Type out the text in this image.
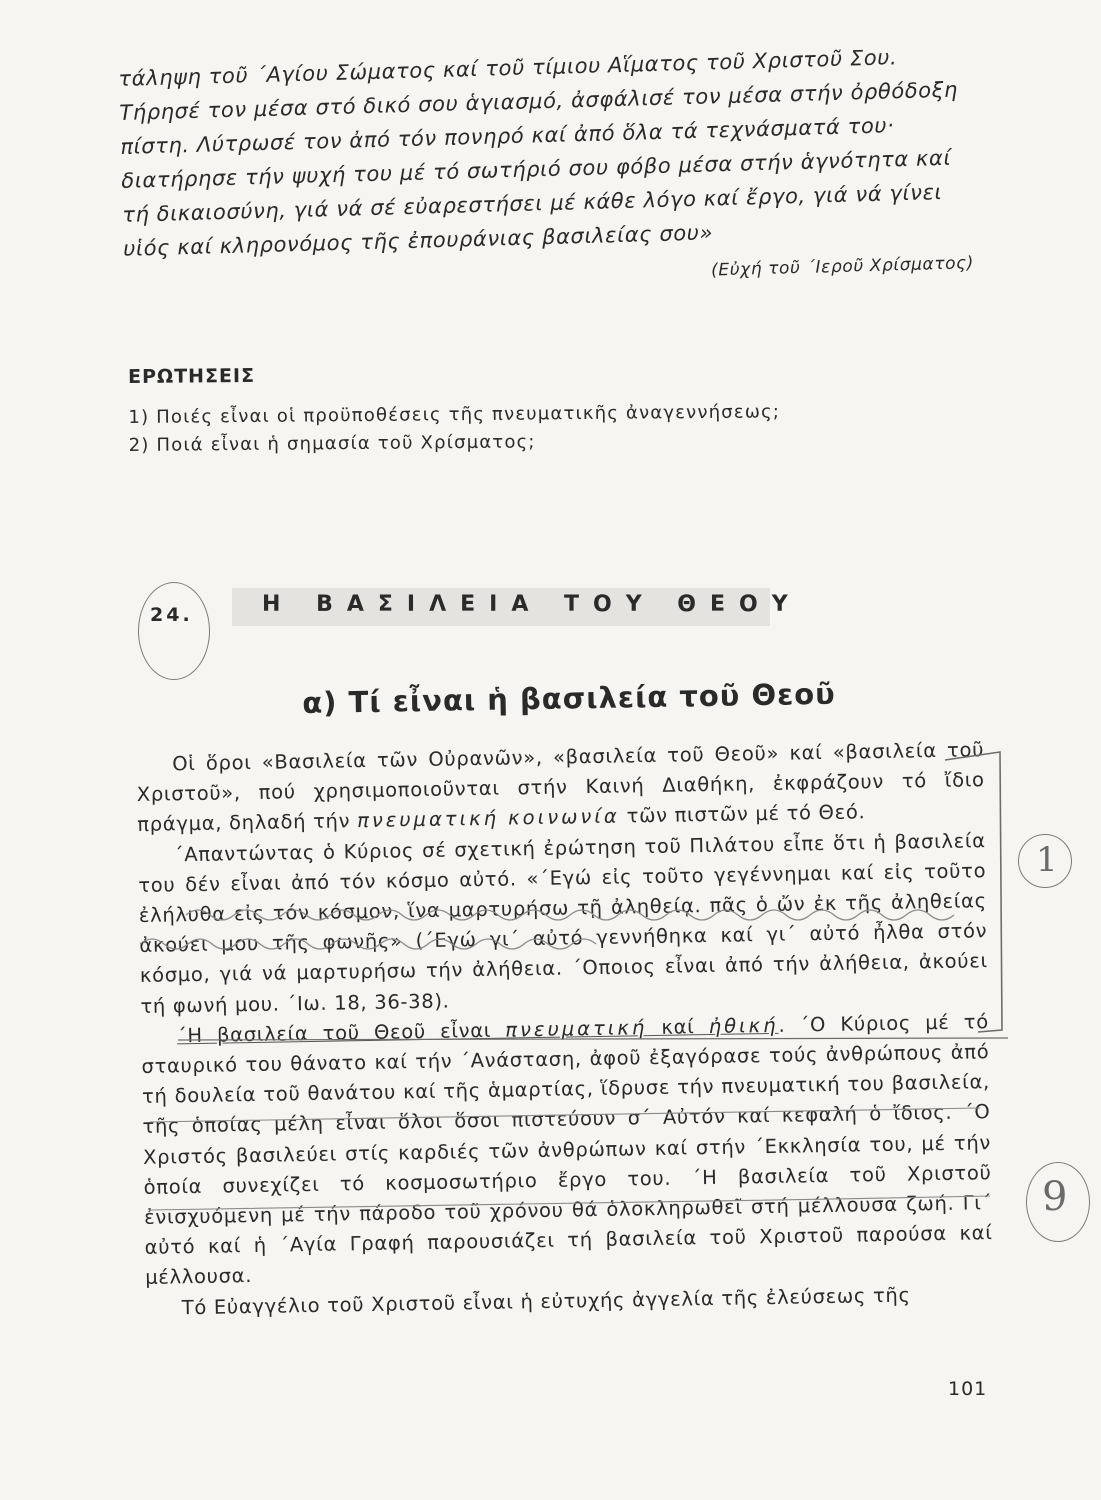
τάληψη τοῦ ´Αγίου Σώματος καί τοῦ τίμιου Αἵματος τοῦ Χριστοῦ Σου. Τήρησέ τον μέσα στό δικό σου ἁγιασμό, ἀσφάλισέ τον μέσα στήν ὀρθόδοξη πίστη. Λύτρωσέ τον ἀπό τόν πονηρό καί ἀπό ὅλα τά τεχνάσματά του· διατήρησε τήν ψυχή του μέ τό σωτήριό σου φόβο μέσα στήν ἁγνότητα καί τή δικαιοσύνη, γιά νά σέ εὐαρεστήσει μέ κάθε λόγο καί ἔργο, γιά νά γίνει υἱός καί κληρονόμος τῆς ἐπουράνιας βασιλείας σου»

(Εὐχή τοῦ ´Ιεροῦ Χρίσματος)
ΕΡΩΤΗΣΕΙΣ
1) Ποιές εἶναι οἱ προϋποθέσεις τῆς πνευματικῆς ἀναγεννήσεως;
2) Ποιά εἶναι ἡ σημασία τοῦ Χρίσματος;
24.	Η ΒΑΣΙΛΕΙΑ ΤΟΥ ΘΕΟΥ
α) Τί εἶναι ἡ βασιλεία τοῦ Θεοῦ

Οἱ ὅροι «Βασιλεία τῶν Οὐρανῶν», «βασιλεία τοῦ Θεοῦ» καί «βασιλεία τοῦ Χριστοῦ», πού χρησιμοποιοῦνται στήν Καινή Διαθήκη, ἐκφράζουν τό ἴδιο πράγμα, δηλαδή τήν πνευματική κοινωνία τῶν πιστῶν μέ τό Θεό.

´Απαντώντας ὁ Κύριος σέ σχετική ἐρώτηση τοῦ Πιλάτου εἶπε ὅτι ἡ βασιλεία του δέν εἶναι ἀπό τόν κόσμο αὐτό. «´Εγώ εἰς τοῦτο γεγέννημαι καί εἰς τοῦτο ἐλήλυθα εἰς τόν κόσμον, ἵνα μαρτυρήσω τῇ ἀληθείᾳ. πᾶς ὁ ὤν ἐκ τῆς ἀληθείας ἀκούει μου τῆς φωνῆς» (´Εγώ γι´ αὐτό γεννήθηκα καί γι´ αὐτό ἦλθα στόν κόσμο, γιά νά μαρτυρήσω τήν ἀλήθεια. ´Οποιος εἶναι ἀπό τήν ἀλήθεια, ἀκούει τή φωνή μου. ´Ιω. 18, 36-38).

´Η βασιλεία τοῦ Θεοῦ εἶναι πνευματική καί ἠθική. ´Ο Κύριος μέ τό σταυρικό του θάνατο καί τήν ´Ανάσταση, ἀφοῦ ἐξαγόρασε τούς ἀνθρώπους ἀπό τή δουλεία τοῦ θανάτου καί τῆς ἁμαρτίας, ἵδρυσε τήν πνευματική του βασιλεία, τῆς ὁποίας μέλη εἶναι ὅλοι ὅσοι πιστεύουν σ´ Αὐτόν καί κεφαλή ὁ ἴδιος. ´Ο Χριστός βασιλεύει στίς καρδιές τῶν ἀνθρώπων καί στήν ´Εκκλησία του, μέ τήν ὁποία συνεχίζει τό κοσμοσωτήριο ἔργο του. ´Η βασιλεία τοῦ Χριστοῦ ἐνισχυόμενη μέ τήν πάροδο τοῦ χρόνου θά ὁλοκληρωθεῖ στή μέλλουσα ζωή. Γι´ αὐτό καί ἡ ´Αγία Γραφή παρουσιάζει τή βασιλεία τοῦ Χριστοῦ παρούσα καί μέλλουσα.

Τό Εὐαγγέλιο τοῦ Χριστοῦ εἶναι ἡ εὐτυχής ἀγγελία τῆς ἐλεύσεως τῆς

1
9
101
